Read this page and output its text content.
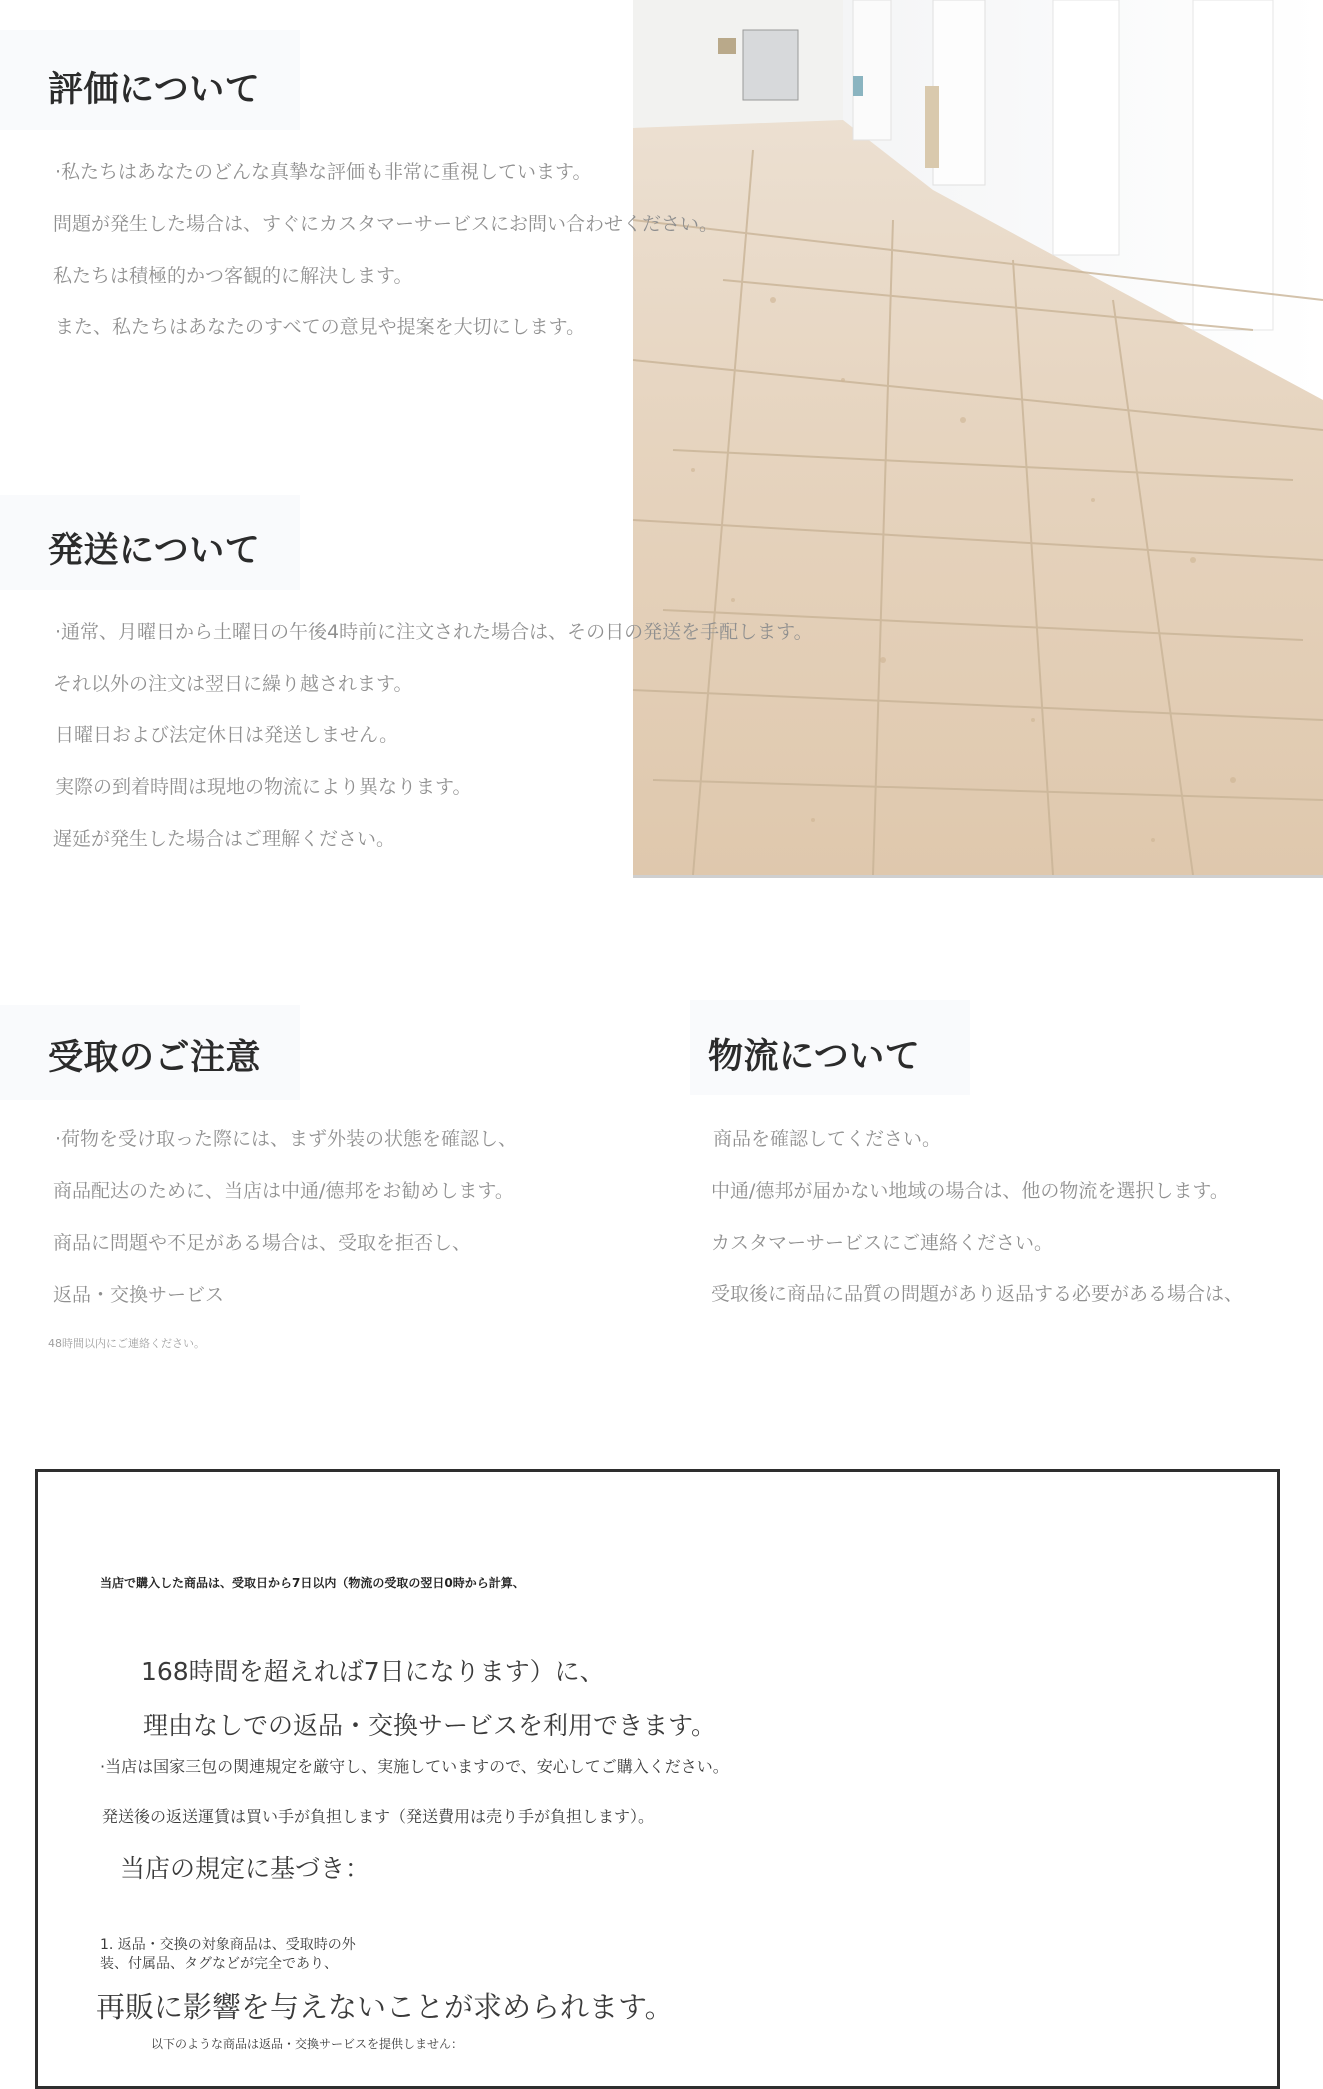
評価について

·私たちはあなたのどんな真摯な評価も非常に重視しています。

問題が発生した場合は、すぐにカスタマーサービスにお問い合わせください。

私たちは積極的かつ客観的に解決します。

また、私たちはあなたのすべての意見や提案を大切にします。

発送について

·通常、月曜日から土曜日の午後4時前に注文された場合は、その日の発送を手配します。

それ以外の注文は翌日に繰り越されます。

日曜日および法定休日は発送しません。

実際の到着時間は現地の物流により異なります。

遅延が発生した場合はご理解ください。

受取のご注意

·荷物を受け取った際には、まず外装の状態を確認し、

商品配达のために、当店は中通/德邦をお勧めします。

商品に問題や不足がある場合は、受取を拒否し、

返品・交換サービス

48時間以内にご連絡ください。

物流について

商品を確認してください。

中通/德邦が届かない地域の場合は、他の物流を選択します。

カスタマーサービスにご連絡ください。

受取後に商品に品質の問題があり返品する必要がある場合は、

当店で購入した商品は、受取日から7日以内（物流の受取の翌日0時から計算、

168時間を超えれば7日になります）に、

理由なしでの返品・交換サービスを利用できます。

·当店は国家三包の関連規定を厳守し、実施していますので、安心してご購入ください。

発送後の返送運賃は買い手が負担します（発送費用は売り手が負担します）。

当店の規定に基づき：

1. 返品・交換の対象商品は、受取時の外

装、付属品、タグなどが完全であり、

再販に影響を与えないことが求められます。

以下のような商品は返品・交換サービスを提供しません：
